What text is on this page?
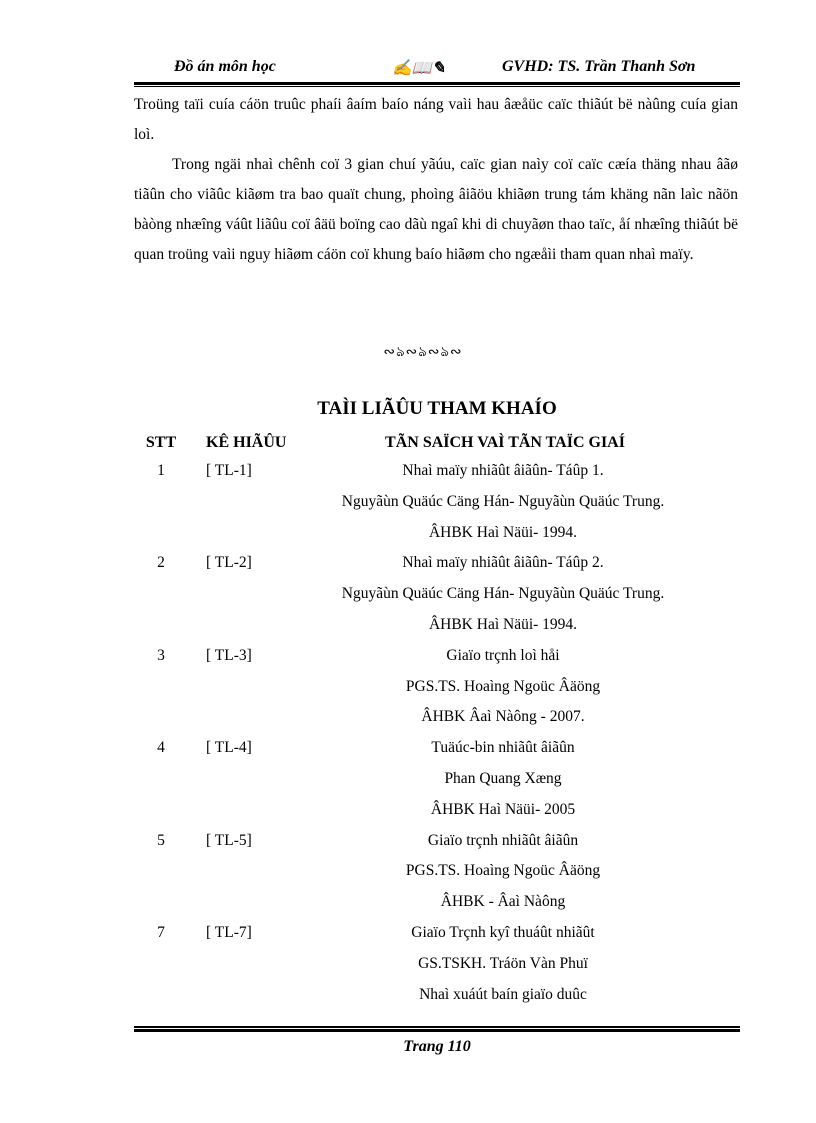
Đồ án môn học	✍📖✎	GVHD: TS. Trần Thanh Sơn

Troüng taïi cuía cáön truûc phaíi âaím baío náng vaìi hau âæåüc caïc thiãút bë nàûng cuía gian loì.

Trong ngäi nhaì chênh coï 3 gian chuí yãúu, caïc gian naìy coï caïc cæía thäng nhau âãø tiãûn cho viãûc kiãøm tra bao quaït chung, phoìng âiãöu khiãøn trung tám khäng nãn laìc nãön bàòng nhæîng váût liãûu coï âäü boïng cao dãù ngaî khi di chuyãøn thao taïc, åí nhæîng thiãút bë quan troüng vaìi nguy hiãøm cáön coï khung baío hiãøm cho ngæåìi tham quan nhaì maïy.

∾ঌ∾ঌ∾ঌ∾
TAÌI LIÃÛU THAM KHAÍO
STT	KÊ HIÃÛU	TÃN SAÏCH VAÌ TÃN TAÏC GIAÍ
1	[ TL-1]	Nhaì maïy nhiãût âiãûn- Táûp 1.
Nguyãùn Quäúc Cäng Hán- Nguyãùn Quäúc Trung.
ÂHBK Haì Näüi- 1994.
2	[ TL-2]	Nhaì maïy nhiãût âiãûn- Táûp 2.
Nguyãùn Quäúc Cäng Hán- Nguyãùn Quäúc Trung.
ÂHBK Haì Näüi- 1994.
3	[ TL-3]	Giaïo trçnh loì håi
PGS.TS. Hoaìng Ngoüc Âäöng
ÂHBK Âaì Nàông - 2007.
4	[ TL-4]	Tuäúc-bin nhiãût âiãûn
Phan Quang Xæng
ÂHBK Haì Näüi- 2005
5	[ TL-5]	Giaïo trçnh nhiãût âiãûn
PGS.TS. Hoaìng Ngoüc Âäöng
ÂHBK - Âaì Nàông
7	[ TL-7]	Giaïo Trçnh kyî thuáût nhiãût
GS.TSKH. Tráön Vàn Phuï
Nhaì xuáút baín giaïo duûc
Trang 110
